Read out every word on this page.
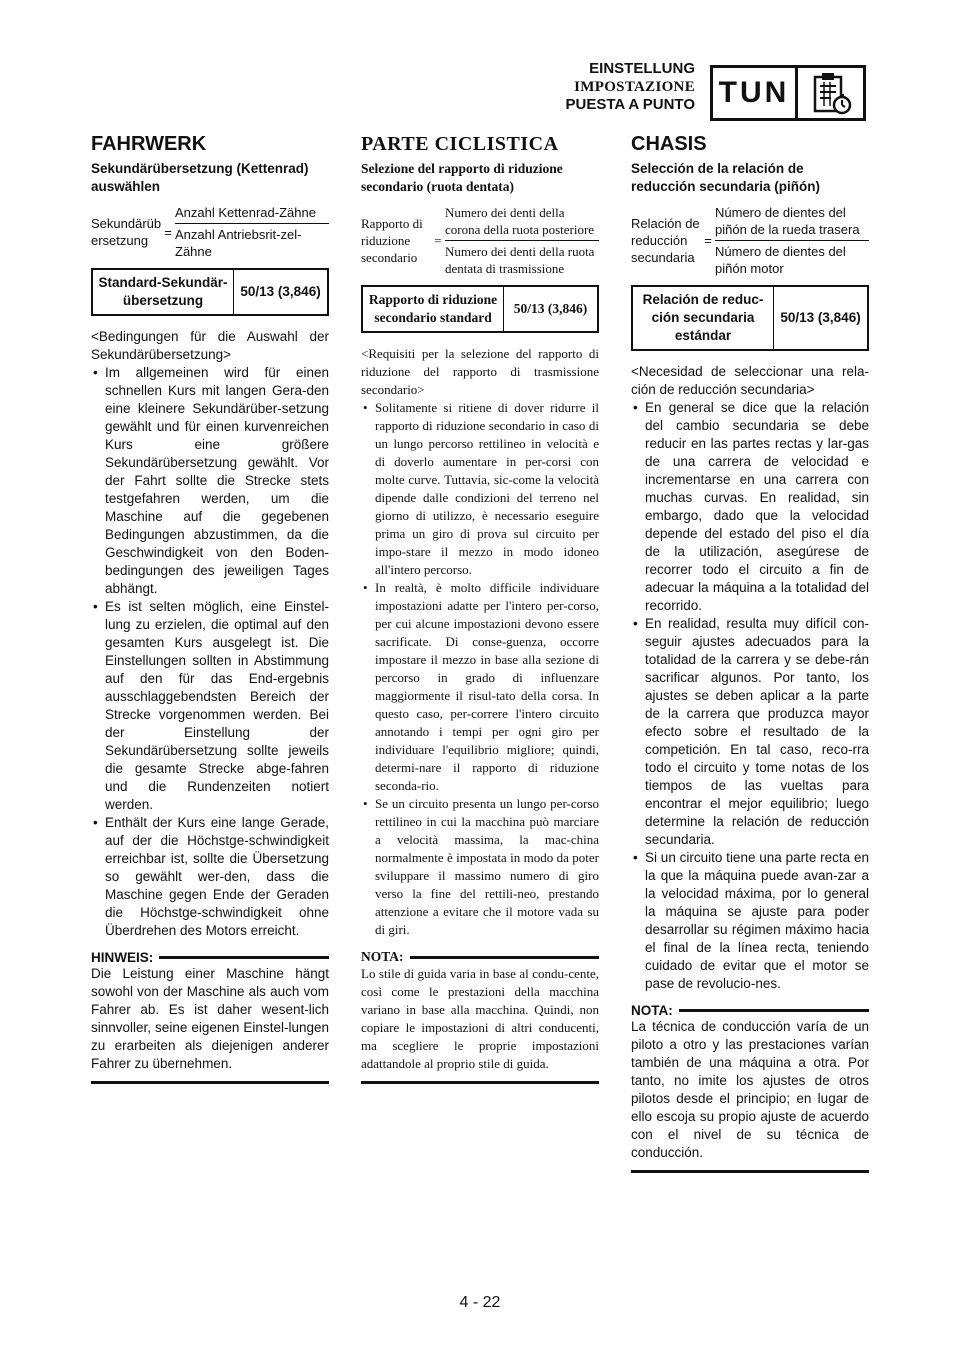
EINSTELLUNG
IMPOSTAZIONE
PUESTA A PUNTO TUN
FAHRWERK
Sekundärübersetzung (Kettenrad) auswählen
Sekundärüb ersetzung
= $\frac{\text{Anzahl Kettenrad-Zähne}}{\text{Anzahl Antriebsrit-zel-Zähne}}$
Standard-Sekundär-übersetzung	50/13 (3,846)
<Bedingungen für die Auswahl der Sekundärübersetzung>
• Im allgemeinen wird für einen schnellen Kurs mit langen Gera-den eine kleinere Sekundärüber-setzung gewählt und für einen kurvenreichen Kurs eine größere Sekundärübersetzung gewählt. Vor der Fahrt sollte die Strecke stets testgefahren werden, um die Maschine auf die gegebenen Bedingungen abzustimmen, da die Geschwindigkeit von den Boden-bedingungen des jeweiligen Tages abhängt.
• Es ist selten möglich, eine Einstel-lung zu erzielen, die optimal auf den gesamten Kurs ausgelegt ist. Die Einstellungen sollten in Abstimmung auf den für das End-ergebnis ausschlaggebendsten Bereich der Strecke vorgenommen werden. Bei der Einstellung der Sekundärübersetzung sollte jeweils die gesamte Strecke abge-fahren und die Rundenzeiten notiert werden.
• Enthält der Kurs eine lange Gerade, auf der die Höchstge-schwindigkeit erreichbar ist, sollte die Übersetzung so gewählt wer-den, dass die Maschine gegen Ende der Geraden die Höchstge-schwindigkeit ohne Überdrehen des Motors erreicht.
HINWEIS:
Die Leistung einer Maschine hängt sowohl von der Maschine als auch vom Fahrer ab. Es ist daher wesent-lich sinnvoller, seine eigenen Einstel-lungen zu erarbeiten als diejenigen anderer Fahrer zu übernehmen.
PARTE CICLISTICA
Selezione del rapporto di riduzione secondario (ruota dentata)
Rapporto di riduzione secondario
= $\frac{\text{Numero dei denti della corona della ruota posteriore}}{\text{Numero dei denti della ruota dentata di trasmissione}}$
Rapporto di riduzione secondario standard	50/13 (3,846)
<Requisiti per la selezione del rapporto di riduzione del rapporto di trasmissione secondario>
• Solitamente si ritiene di dover ridurre il rapporto di riduzione secondario in caso di un lungo percorso rettilineo in velocità e di doverlo aumentare in per-corsi con molte curve. Tuttavia, sic-come la velocità dipende dalle condizioni del terreno nel giorno di utilizzo, è necessario eseguire prima un giro di prova sul circuito per impo-stare il mezzo in modo idoneo all'intero percorso.
• In realtà, è molto difficile individuare impostazioni adatte per l'intero per-corso, per cui alcune impostazioni devono essere sacrificate. Di conse-guenza, occorre impostare il mezzo in base alla sezione di percorso in grado di influenzare maggiormente il risul-tato della corsa. In questo caso, per-correre l'intero circuito annotando i tempi per ogni giro per individuare l'equilibrio migliore; quindi, determi-nare il rapporto di riduzione seconda-rio.
• Se un circuito presenta un lungo per-corso rettilineo in cui la macchina può marciare a velocità massima, la mac-china normalmente è impostata in modo da poter sviluppare il massimo numero di giro verso la fine del rettili-neo, prestando attenzione a evitare che il motore vada su di giri.
NOTA:
Lo stile di guida varia in base al condu-cente, così come le prestazioni della macchina variano in base alla macchina. Quindi, non copiare le impostazioni di altri conducenti, ma scegliere le proprie impostazioni adattandole al proprio stile di guida.
CHASIS
Selección de la relación de reducción secundaria (piñón)
Relación de reducción secundaria
= $\frac{\text{Número de dientes del piñón de la rueda trasera}}{\text{Número de dientes del piñón motor}}$
Relación de reduc-ción secundaria estándar	50/13 (3,846)
<Necesidad de seleccionar una rela-ción de reducción secundaria>
• En general se dice que la relación del cambio secundaria se debe reducir en las partes rectas y lar-gas de una carrera de velocidad e incrementarse en una carrera con muchas curvas. En realidad, sin embargo, dado que la velocidad depende del estado del piso el día de la utilización, asegúrese de recorrer todo el circuito a fin de adecuar la máquina a la totalidad del recorrido.
• En realidad, resulta muy difícil con-seguir ajustes adecuados para la totalidad de la carrera y se debe-rán sacrificar algunos. Por tanto, los ajustes se deben aplicar a la parte de la carrera que produzca mayor efecto sobre el resultado de la competición. En tal caso, reco-rra todo el circuito y tome notas de los tiempos de las vueltas para encontrar el mejor equilibrio; luego determine la relación de reducción secundaria.
• Si un circuito tiene una parte recta en la que la máquina puede avan-zar a la velocidad máxima, por lo general la máquina se ajuste para poder desarrollar su régimen máximo hacia el final de la línea recta, teniendo cuidado de evitar que el motor se pase de revolucio-nes.
NOTA:
La técnica de conducción varía de un piloto a otro y las prestaciones varían también de una máquina a otra. Por tanto, no imite los ajustes de otros pilotos desde el principio; en lugar de ello escoja su propio ajuste de acuerdo con el nivel de su técnica de conducción.
4 - 22
